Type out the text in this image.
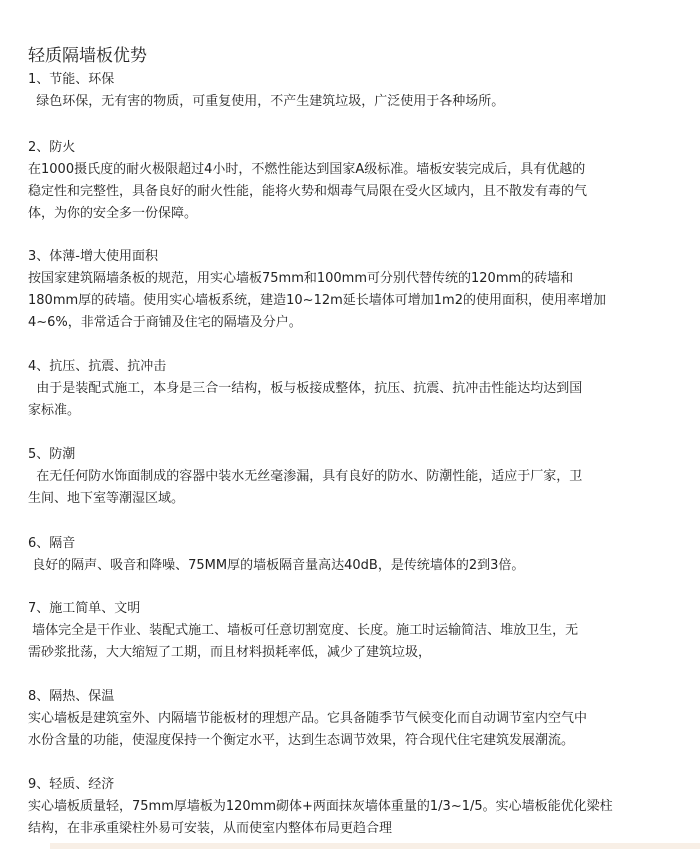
轻质隔墙板优势
1、节能、环保
绿色环保，无有害的物质，可重复使用，不产生建筑垃圾，广泛使用于各种场所。
2、防火
在1000摄氏度的耐火极限超过4小时，不燃性能达到国家A级标准。墙板安装完成后，具有优越的
稳定性和完整性，具备良好的耐火性能，能将火势和烟毒气局限在受火区域内，且不散发有毒的气
体，为你的安全多一份保障。
3、体薄-增大使用面积
按国家建筑隔墙条板的规范，用实心墙板75mm和100mm可分别代替传统的120mm的砖墙和
180mm厚的砖墙。使用实心墙板系统，建造10~12m延长墙体可增加1m2的使用面积，使用率增加
4~6%，非常适合于商铺及住宅的隔墙及分户。
4、抗压、抗震、抗冲击
由于是装配式施工，本身是三合一结构，板与板接成整体，抗压、抗震、抗冲击性能达均达到国
家标准。
5、防潮
在无任何防水饰面制成的容器中装水无丝毫渗漏，具有良好的防水、防潮性能，适应于厂家，卫
生间、地下室等潮湿区域。
6、隔音
良好的隔声、吸音和降噪、75MM厚的墙板隔音量高达40dB，是传统墙体的2到3倍。
7、施工简单、文明
墙体完全是干作业、装配式施工、墙板可任意切割宽度、长度。施工时运输简洁、堆放卫生，无
需砂浆批荡，大大缩短了工期，而且材料损耗率低，减少了建筑垃圾，
8、隔热、保温
实心墙板是建筑室外、内隔墙节能板材的理想产品。它具备随季节气候变化而自动调节室内空气中
水份含量的功能，使湿度保持一个衡定水平，达到生态调节效果，符合现代住宅建筑发展潮流。
9、轻质、经济
实心墙板质量轻，75mm厚墙板为120mm砌体+两面抹灰墙体重量的1/3~1/5。实心墙板能优化梁柱
结构，在非承重梁柱外易可安装，从而使室内整体布局更趋合理
